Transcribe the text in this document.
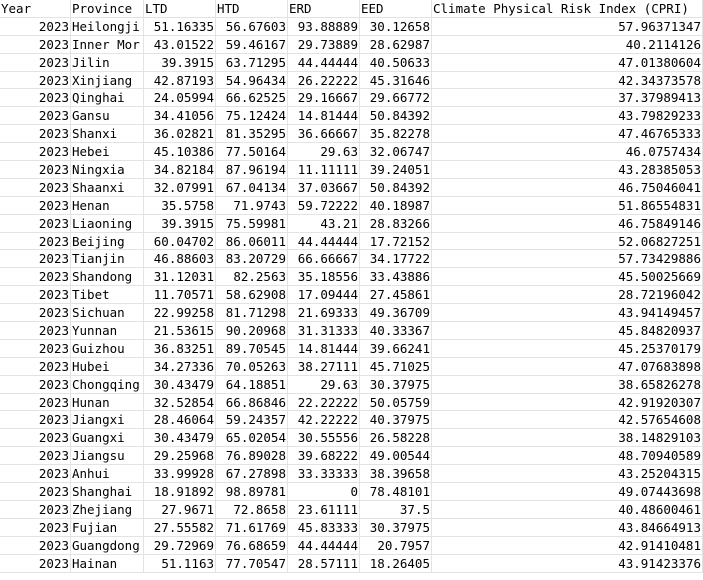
Year	Province	LTD	HTD	ERD	EED	Climate Physical Risk Index (CPRI)
2023 Heilongji	51.16335 56.67603 93.88889 30.12658	57.96371347
2023 Inner Mor	43.01522 59.46167 29.73889 28.62987	40.2114126
2023 Jilin	39.3915 63.71295 44.44444 40.50633	47.01380604
2023 Xinjiang	42.87193 54.96434 26.22222 45.31646	42.34373578
2023 Qinghai	24.05994 66.62525 29.16667 29.66772	37.37989413
2023 Gansu	34.41056 75.12424 14.81444 50.84392	43.79829233
2023 Shanxi	36.02821 81.35295 36.66667 35.82278	47.46765333
2023 Hebei	45.10386 77.50164	29.63 32.06747	46.0757434
2023 Ningxia	34.82184 87.96194 11.11111 39.24051	43.28385053
2023 Shaanxi	32.07991 67.04134 37.03667 50.84392	46.75046041
2023 Henan	35.5758	71.9743 59.72222 40.18987	51.86554831
2023 Liaoning	39.3915 75.59981	43.21 28.83266	46.75849146
2023 Beijing	60.04702 86.06011 44.44444 17.72152	52.06827251
2023 Tianjin	46.88603 83.20729 66.66667 34.17722	57.73429886
2023 Shandong	31.12031	82.2563 35.18556 33.43886	45.50025669
2023 Tibet	11.70571 58.62908 17.09444 27.45861	28.72196042
2023 Sichuan	22.99258 81.71298 21.69333 49.36709	43.94149457
2023 Yunnan	21.53615 90.20968 31.31333 40.33367	45.84820937
2023 Guizhou	36.83251 89.70545 14.81444 39.66241	45.25370179
2023 Hubei	34.27336 70.05263 38.27111 45.71025	47.07683898
2023 Chongqing	30.43479 64.18851	29.63 30.37975	38.65826278
2023 Hunan	32.52854 66.86846 22.22222 50.05759	42.91920307
2023 Jiangxi	28.46064 59.24357 42.22222 40.37975	42.57654608
2023 Guangxi	30.43479 65.02054 30.55556 26.58228	38.14829103
2023 Jiangsu	29.25968 76.89028 39.68222 49.00544	48.70940589
2023 Anhui	33.99928 67.27898 33.33333 38.39658	43.25204315
2023 Shanghai	18.91892 98.89781	0 78.48101	49.07443698
2023 Zhejiang	27.9671	72.8658 23.61111	37.5	40.48600461
2023 Fujian	27.55582 71.61769 45.83333 30.37975	43.84664913
2023 Guangdong	29.72969 76.68659 44.44444	20.7957	42.91410481
2023 Hainan	51.1163 77.70547 28.57111 18.26405	43.91423376
